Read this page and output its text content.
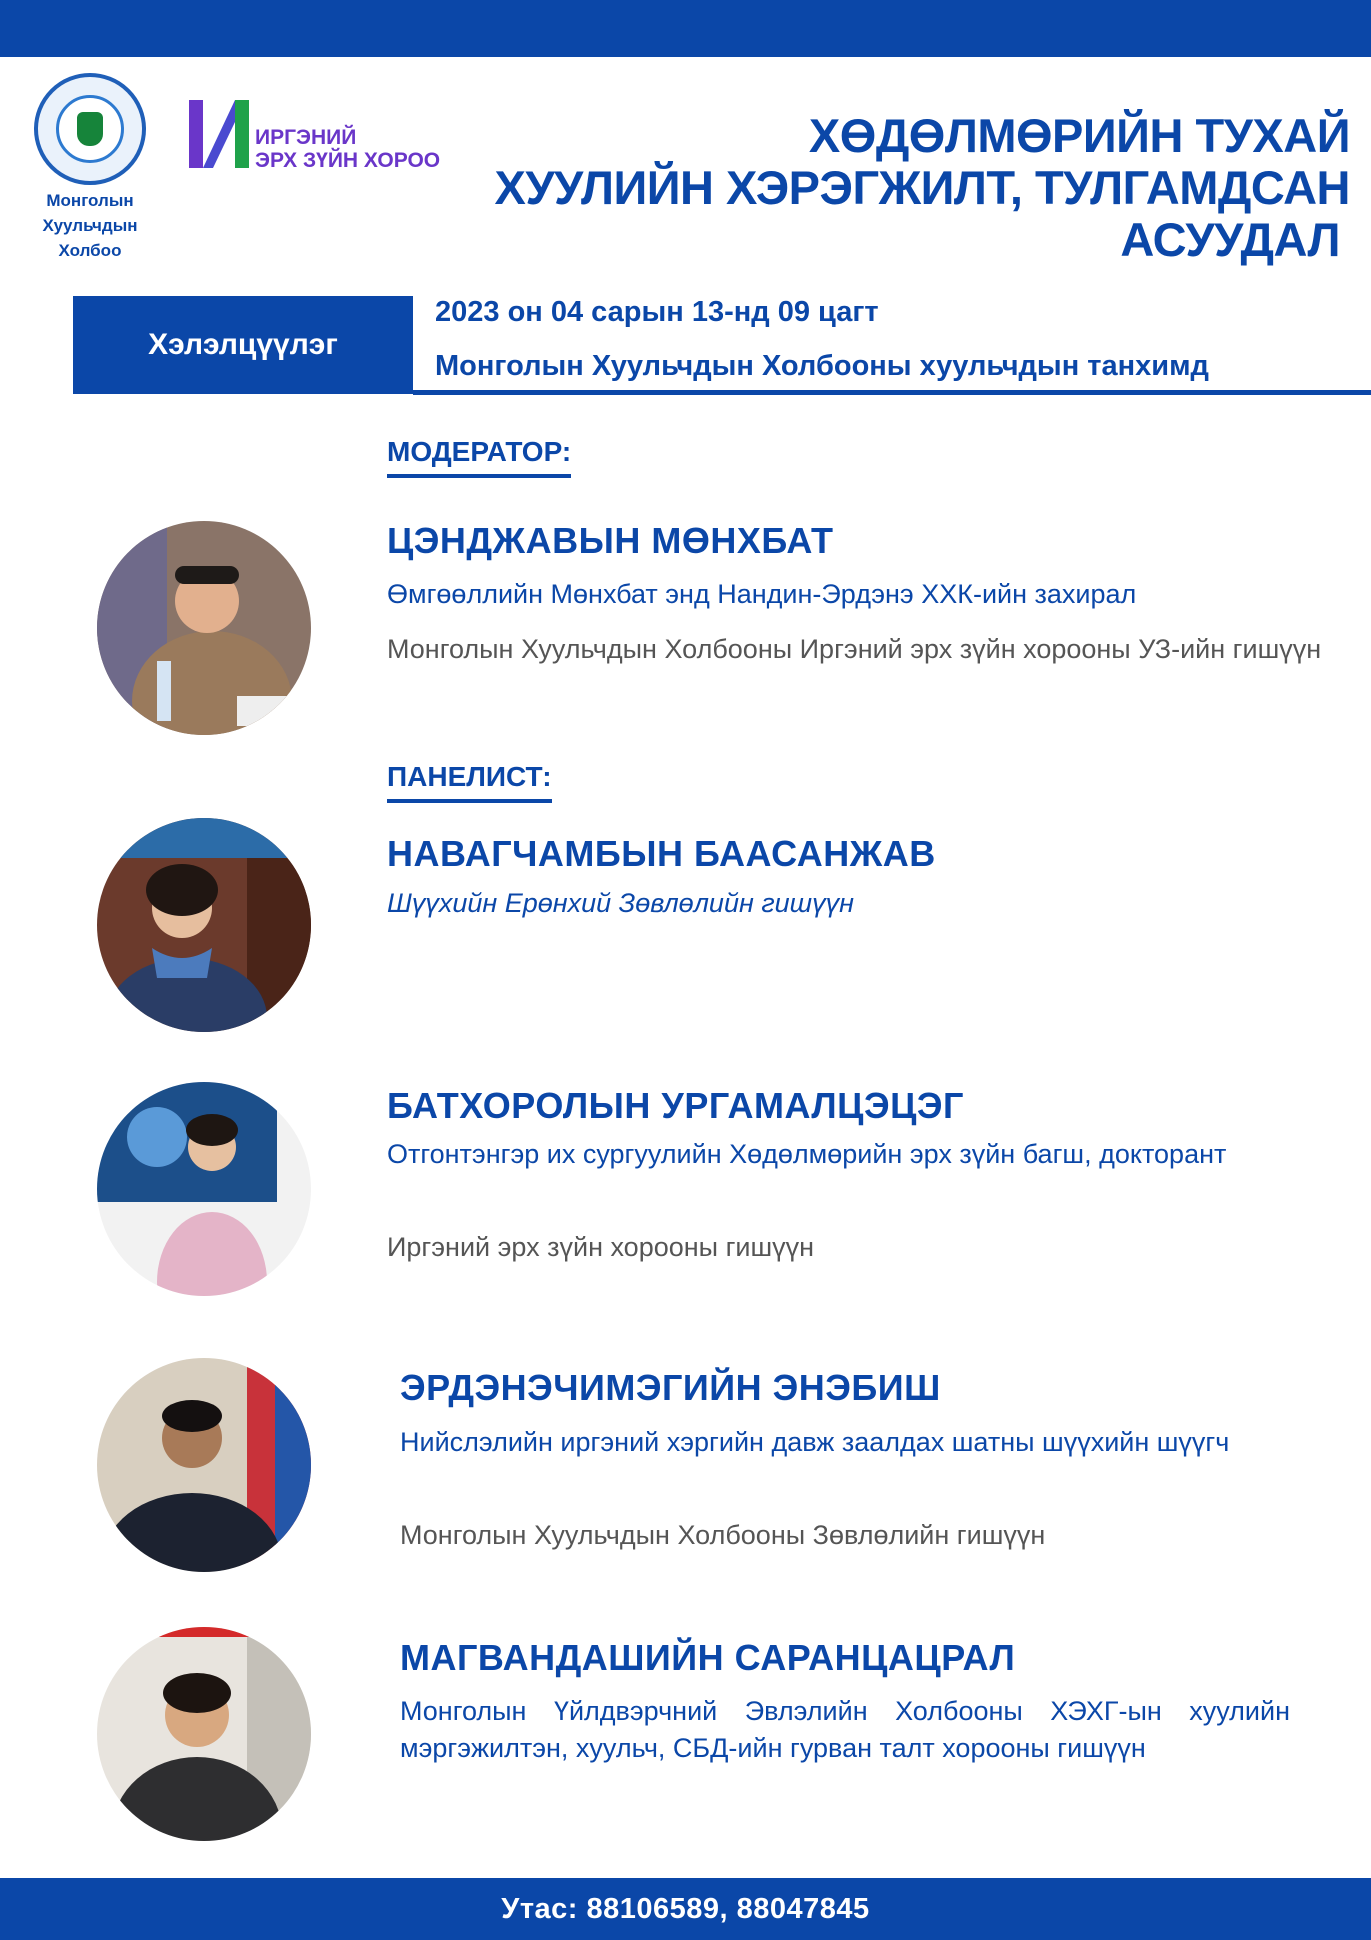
Монголын
Хуульчдын
Холбоо
ИРГЭНИЙ
ЭРХ ЗҮЙН ХОРОО	ХӨДӨЛМӨРИЙН ТУХАЙ
ХУУЛИЙН ХЭРЭГЖИЛТ, ТУЛГАМДСАН
АСУУДАЛ
Хэлэлцүүлэг
2023 он 04 сарын 13-нд 09 цагт
Монголын Хуульчдын Холбооны хуульчдын танхимд
МОДЕРАТОР:
ЦЭНДЖАВЫН МӨНХБАТ
Өмгөөллийн Мөнхбат энд Нандин-Эрдэнэ ХХК-ийн захирал
Монголын Хуульчдын Холбооны Иргэний эрх зүйн хорооны УЗ-ийн гишүүн
ПАНЕЛИСТ:
НАВАГЧАМБЫН БААСАНЖАВ
Шүүхийн Ерөнхий Зөвлөлийн гишүүн
БАТХОРОЛЫН УРГАМАЛЦЭЦЭГ
Отгонтэнгэр их сургуулийн Хөдөлмөрийн эрх зүйн багш, докторант
Иргэний эрх зүйн хорооны гишүүн
ЭРДЭНЭЧИМЭГИЙН ЭНЭБИШ
Нийслэлийн иргэний хэргийн давж заалдах шатны шүүхийн шүүгч
Монголын Хуульчдын Холбооны Зөвлөлийн гишүүн
МАГВАНДАШИЙН САРАНЦАЦРАЛ
Монголын Үйлдвэрчний Эвлэлийн Холбооны ХЭХГ-ын хуулийн мэргэжилтэн, хуульч, СБД-ийн гурван талт хорооны гишүүн
Утас: 88106589, 88047845
